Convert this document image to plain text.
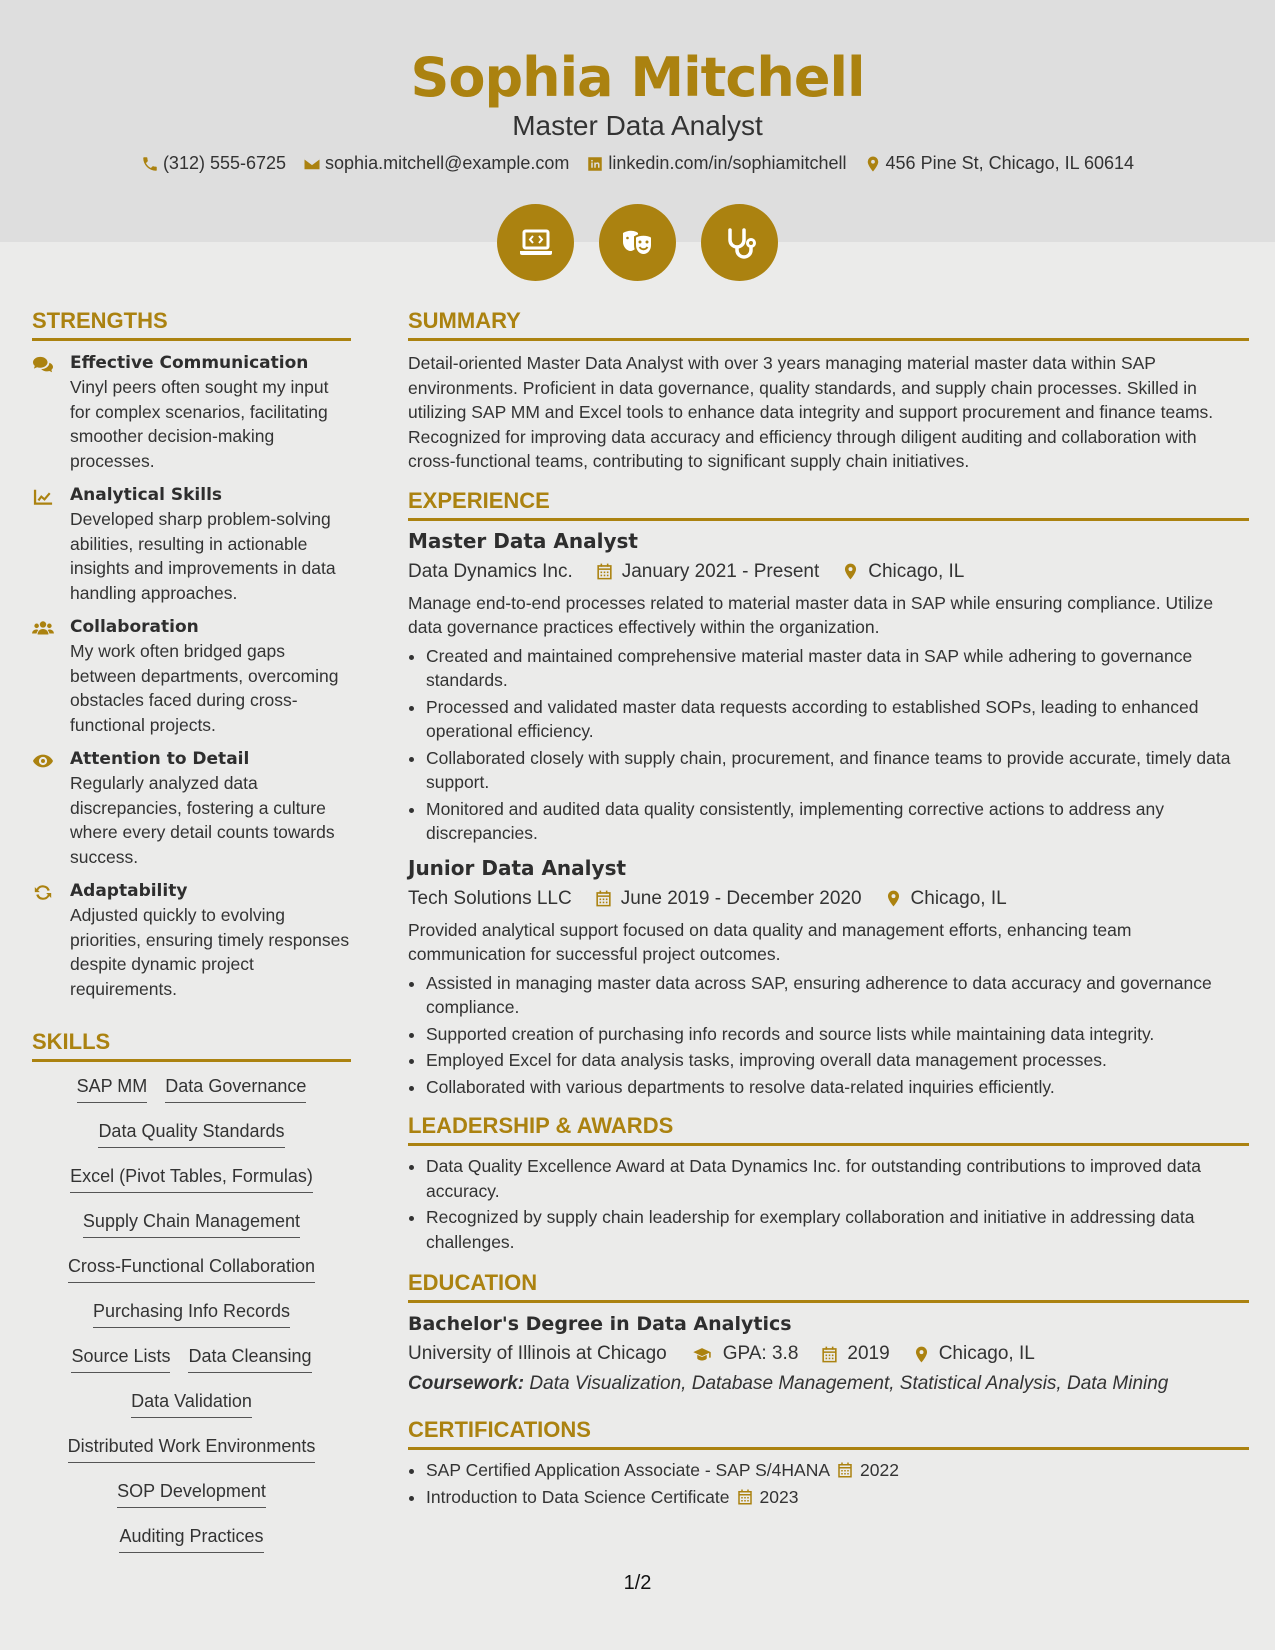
Sophia Mitchell
Master Data Analyst
(312) 555-6725 sophia.mitchell@example.com linkedin.com/in/sophiamitchell 456 Pine St, Chicago, IL 60614
STRENGTHS
Effective Communication
Vinyl peers often sought my input for complex scenarios, facilitating smoother decision-making processes.
Analytical Skills
Developed sharp problem-solving abilities, resulting in actionable insights and improvements in data handling approaches.
Collaboration
My work often bridged gaps between departments, overcoming obstacles faced during cross-functional projects.
Attention to Detail
Regularly analyzed data discrepancies, fostering a culture where every detail counts towards success.
Adaptability
Adjusted quickly to evolving priorities, ensuring timely responses despite dynamic project requirements.
SKILLS
SAP MM Data Governance
Data Quality Standards
Excel (Pivot Tables, Formulas)
Supply Chain Management
Cross-Functional Collaboration
Purchasing Info Records
Source Lists Data Cleansing
Data Validation
Distributed Work Environments
SOP Development
Auditing Practices
SUMMARY
Detail-oriented Master Data Analyst with over 3 years managing material master data within SAP environments. Proficient in data governance, quality standards, and supply chain processes. Skilled in utilizing SAP MM and Excel tools to enhance data integrity and support procurement and finance teams. Recognized for improving data accuracy and efficiency through diligent auditing and collaboration with cross-functional teams, contributing to significant supply chain initiatives.
EXPERIENCE
Master Data Analyst
Data Dynamics Inc.	January 2021 - Present	Chicago, IL
Manage end-to-end processes related to material master data in SAP while ensuring compliance. Utilize data governance practices effectively within the organization.
• Created and maintained comprehensive material master data in SAP while adhering to governance standards.
• Processed and validated master data requests according to established SOPs, leading to enhanced operational efficiency.
• Collaborated closely with supply chain, procurement, and finance teams to provide accurate, timely data support.
• Monitored and audited data quality consistently, implementing corrective actions to address any discrepancies.
Junior Data Analyst
Tech Solutions LLC	June 2019 - December 2020	Chicago, IL
Provided analytical support focused on data quality and management efforts, enhancing team communication for successful project outcomes.
• Assisted in managing master data across SAP, ensuring adherence to data accuracy and governance compliance.
• Supported creation of purchasing info records and source lists while maintaining data integrity.
• Employed Excel for data analysis tasks, improving overall data management processes.
• Collaborated with various departments to resolve data-related inquiries efficiently.
LEADERSHIP & AWARDS
• Data Quality Excellence Award at Data Dynamics Inc. for outstanding contributions to improved data accuracy.
• Recognized by supply chain leadership for exemplary collaboration and initiative in addressing data challenges.
EDUCATION
Bachelor's Degree in Data Analytics
University of Illinois at Chicago	GPA: 3.8	2019	Chicago, IL
Coursework: Data Visualization, Database Management, Statistical Analysis, Data Mining
CERTIFICATIONS
• SAP Certified Application Associate - SAP S/4HANA 2022
• Introduction to Data Science Certificate 2023
1/2
